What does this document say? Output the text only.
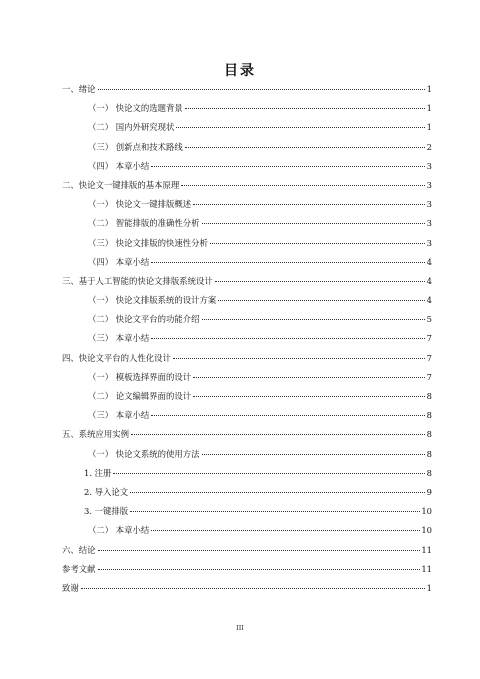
目录
一、绪论	1
（一） 快论文的选题背景	1
（二） 国内外研究现状	1
（三） 创新点和技术路线	2
（四） 本章小结	3
二、快论文一键排版的基本原理	3
（一） 快论文一键排版概述	3
（二） 智能排版的准确性分析	3
（三） 快论文排版的快速性分析	3
（四） 本章小结	4
三、基于人工智能的快论文排版系统设计	4
（一） 快论文排版系统的设计方案	4
（二） 快论文平台的功能介绍	5
（三） 本章小结	7
四、快论文平台的人性化设计	7
（一） 模板选择界面的设计	7
（二） 论文编辑界面的设计	8
（三） 本章小结	8
五、系统应用实例	8
（一） 快论文系统的使用方法	8
1. 注册	8
2. 导入论文	9
3. 一键排版	10
（二） 本章小结	10
六、结论	11
参考文献	11
致谢	1
III
